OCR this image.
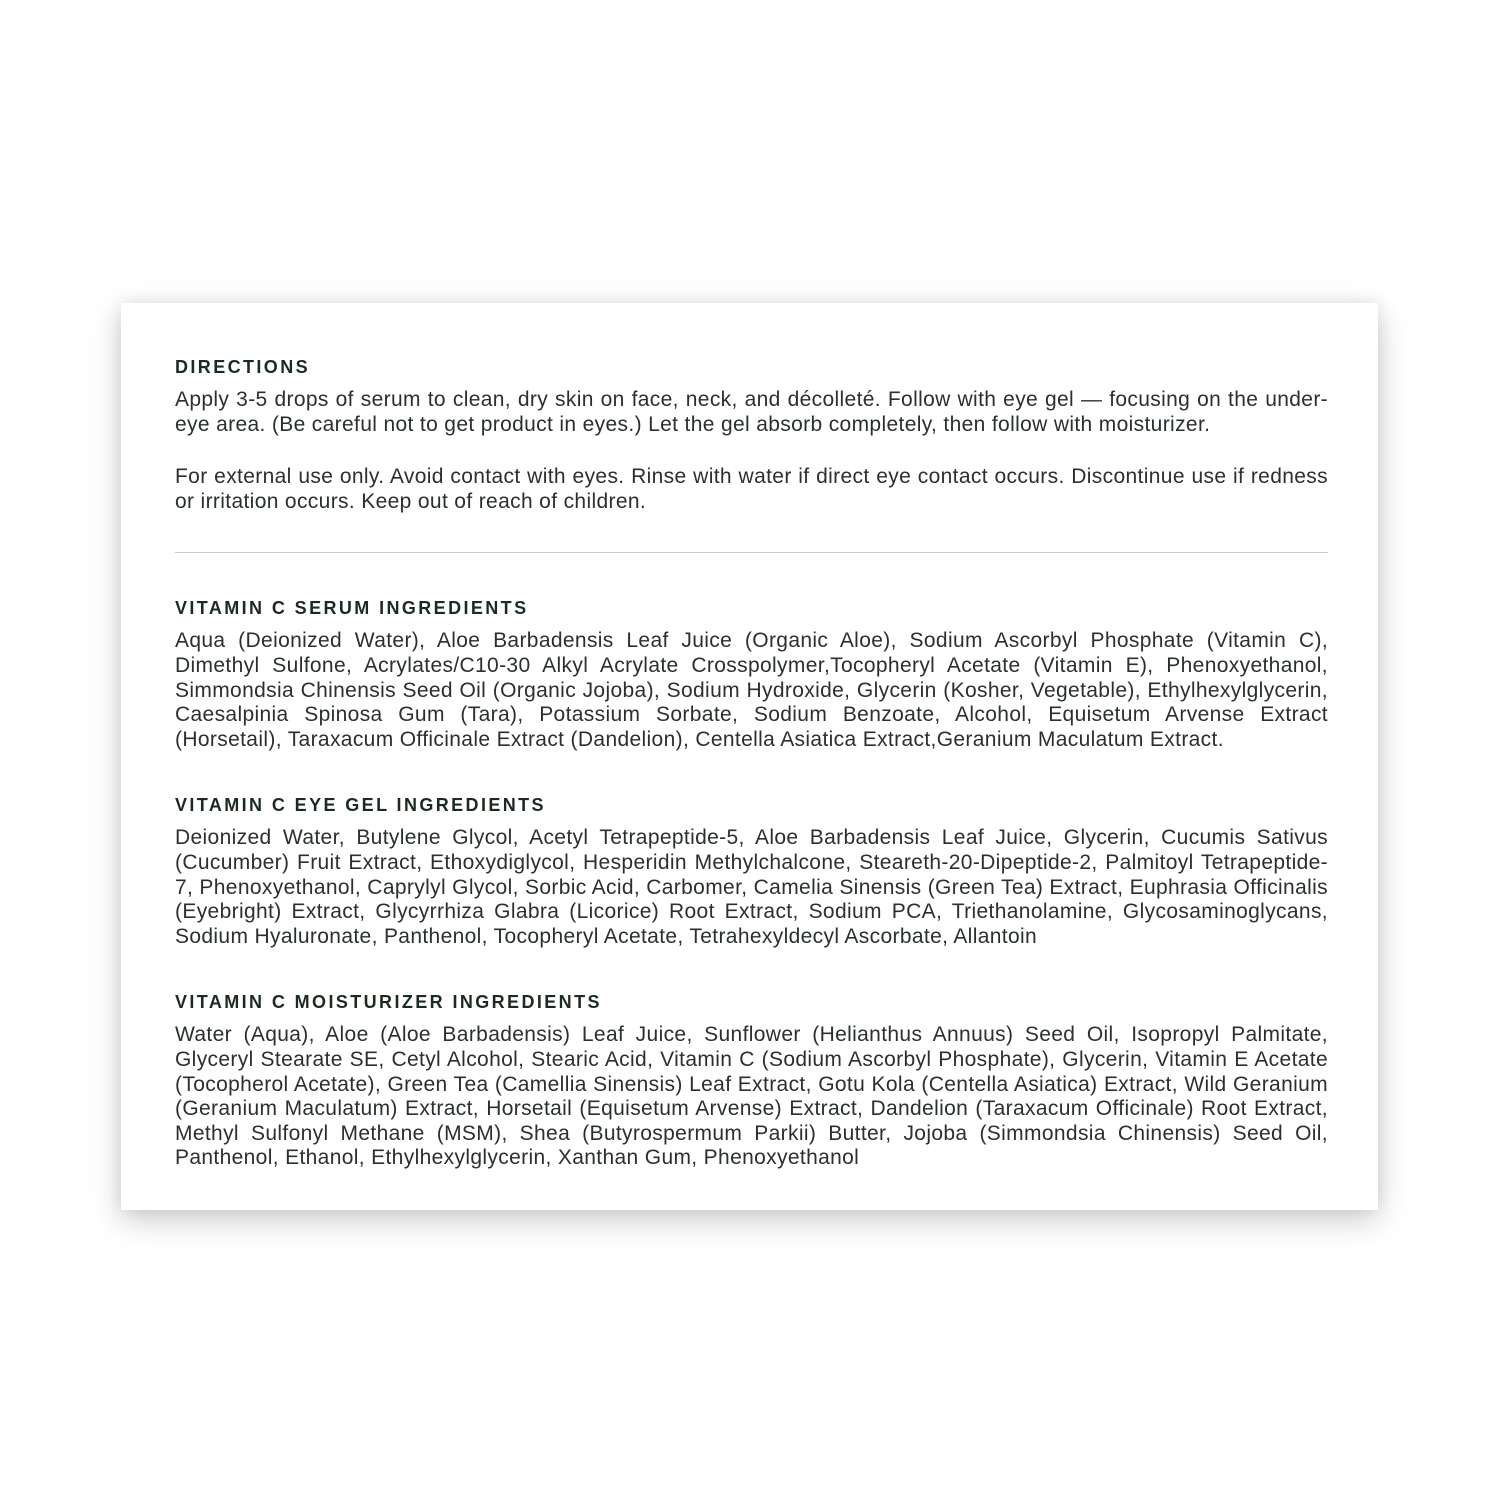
DIRECTIONS

Apply 3-5 drops of serum to clean, dry skin on face, neck, and décolleté. Follow with eye gel — focusing on the under-eye area. (Be careful not to get product in eyes.) Let the gel absorb completely, then follow with moisturizer.

For external use only. Avoid contact with eyes. Rinse with water if direct eye contact occurs. Discontinue use if redness or irritation occurs. Keep out of reach of children.

VITAMIN C SERUM INGREDIENTS

Aqua (Deionized Water), Aloe Barbadensis Leaf Juice (Organic Aloe), Sodium Ascorbyl Phosphate (Vitamin C), Dimethyl Sulfone, Acrylates/C10-30 Alkyl Acrylate Crosspolymer,Tocopheryl Acetate (Vitamin E), Phenoxyethanol, Simmondsia Chinensis Seed Oil (Organic Jojoba), Sodium Hydroxide, Glycerin (Kosher, Vegetable), Ethylhexylglycerin, Caesalpinia Spinosa Gum (Tara), Potassium Sorbate, Sodium Benzoate, Alcohol, Equisetum Arvense Extract (Horsetail), Taraxacum Officinale Extract (Dandelion), Centella Asiatica Extract,Geranium Maculatum Extract.

VITAMIN C EYE GEL INGREDIENTS

Deionized Water, Butylene Glycol, Acetyl Tetrapeptide-5, Aloe Barbadensis Leaf Juice, Glycerin, Cucumis Sativus (Cucumber) Fruit Extract, Ethoxydiglycol, Hesperidin Methylchalcone, Steareth-20-Dipeptide-2, Palmitoyl Tetrapeptide-7, Phenoxyethanol, Caprylyl Glycol, Sorbic Acid, Carbomer, Camelia Sinensis (Green Tea) Extract, Euphrasia Officinalis (Eyebright) Extract, Glycyrrhiza Glabra (Licorice) Root Extract, Sodium PCA, Triethanolamine, Glycosaminoglycans, Sodium Hyaluronate, Panthenol, Tocopheryl Acetate, Tetrahexyldecyl Ascorbate, Allantoin

VITAMIN C MOISTURIZER INGREDIENTS

Water (Aqua), Aloe (Aloe Barbadensis) Leaf Juice, Sunflower (Helianthus Annuus) Seed Oil, Isopropyl Palmitate, Glyceryl Stearate SE, Cetyl Alcohol, Stearic Acid, Vitamin C (Sodium Ascorbyl Phosphate), Glycerin, Vitamin E Acetate (Tocopherol Acetate), Green Tea (Camellia Sinensis) Leaf Extract, Gotu Kola (Centella Asiatica) Extract, Wild Geranium (Geranium Maculatum) Extract, Horsetail (Equisetum Arvense) Extract, Dandelion (Taraxacum Officinale) Root Extract, Methyl Sulfonyl Methane (MSM), Shea (Butyrospermum Parkii) Butter, Jojoba (Simmondsia Chinensis) Seed Oil, Panthenol, Ethanol, Ethylhexylglycerin, Xanthan Gum, Phenoxyethanol
